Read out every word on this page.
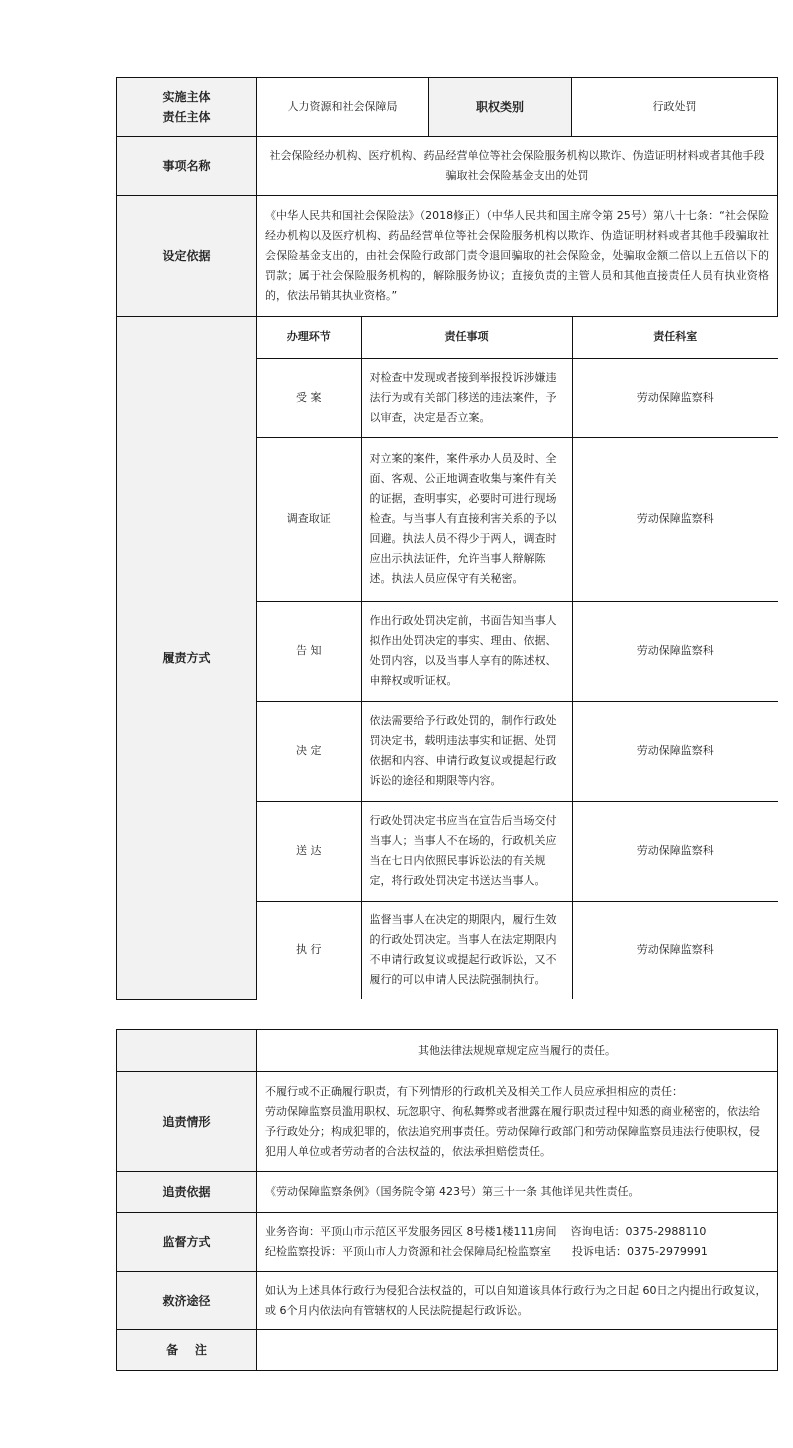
实施主体
责任主体
	人力资源和社会保障局	职权类别	行政处罚
事项名称	社会保险经办机构、医疗机构、药品经营单位等社会保险服务机构以欺诈、伪造证明材料或者其他手段骗取社会保险基金支出的处罚
设定依据	《中华人民共和国社会保险法》（2018修正）（中华人民共和国主席令第 25号）第八十七条：“社会保险经办机构以及医疗机构、药品经营单位等社会保险服务机构以欺诈、伪造证明材料或者其他手段骗取社会保险基金支出的，由社会保险行政部门责令退回骗取的社会保险金，处骗取金额二倍以上五倍以下的罚款；属于社会保险服务机构的，解除服务协议；直接负责的主管人员和其他直接责任人员有执业资格的，依法吊销其执业资格。”
履责方式	
办理环节	责任事项	责任科室
受 案	对检查中发现或者接到举报投诉涉嫌违法行为或有关部门移送的违法案件，予以审查，决定是否立案。	劳动保障监察科
调查取证	对立案的案件，案件承办人员及时、全面、客观、公正地调查收集与案件有关的证据，查明事实，必要时可进行现场检查。与当事人有直接利害关系的予以回避。执法人员不得少于两人，调查时应出示执法证件，允许当事人辩解陈述。执法人员应保守有关秘密。	劳动保障监察科
告 知	作出行政处罚决定前，书面告知当事人拟作出处罚决定的事实、理由、依据、处罚内容，以及当事人享有的陈述权、申辩权或听证权。	劳动保障监察科
决 定	依法需要给予行政处罚的，制作行政处罚决定书，载明违法事实和证据、处罚依据和内容、申请行政复议或提起行政诉讼的途径和期限等内容。	劳动保障监察科
送 达	行政处罚决定书应当在宣告后当场交付当事人；当事人不在场的，行政机关应当在七日内依照民事诉讼法的有关规定，将行政处罚决定书送达当事人。	劳动保障监察科
执 行	监督当事人在决定的期限内，履行生效的行政处罚决定。当事人在法定期限内不申请行政复议或提起行政诉讼，又不履行的可以申请人民法院强制执行。	劳动保障监察科
	其他法律法规规章规定应当履行的责任。
追责情形	不履行或不正确履行职责，有下列情形的行政机关及相关工作人员应承担相应的责任：
劳动保障监察员滥用职权、玩忽职守、徇私舞弊或者泄露在履行职责过程中知悉的商业秘密的，依法给予行政处分；构成犯罪的，依法追究刑事责任。劳动保障行政部门和劳动保障监察员违法行使职权，侵犯用人单位或者劳动者的合法权益的，依法承担赔偿责任。

追责依据	《劳动保障监察条例》（国务院令第 423号）第三十一条 其他详见共性责任。
监督方式	业务咨询：平顶山市示范区平发服务园区 8号楼1楼111房间    咨询电话：0375-2988110
纪检监察投诉：平顶山市人力资源和社会保障局纪检监察室      投诉电话：0375-2979991

救济途径	如认为上述具体行政行为侵犯合法权益的，可以自知道该具体行政行为之日起 60日之内提出行政复议，或 6个月内依法向有管辖权的人民法院提起行政诉讼。
备    注	
